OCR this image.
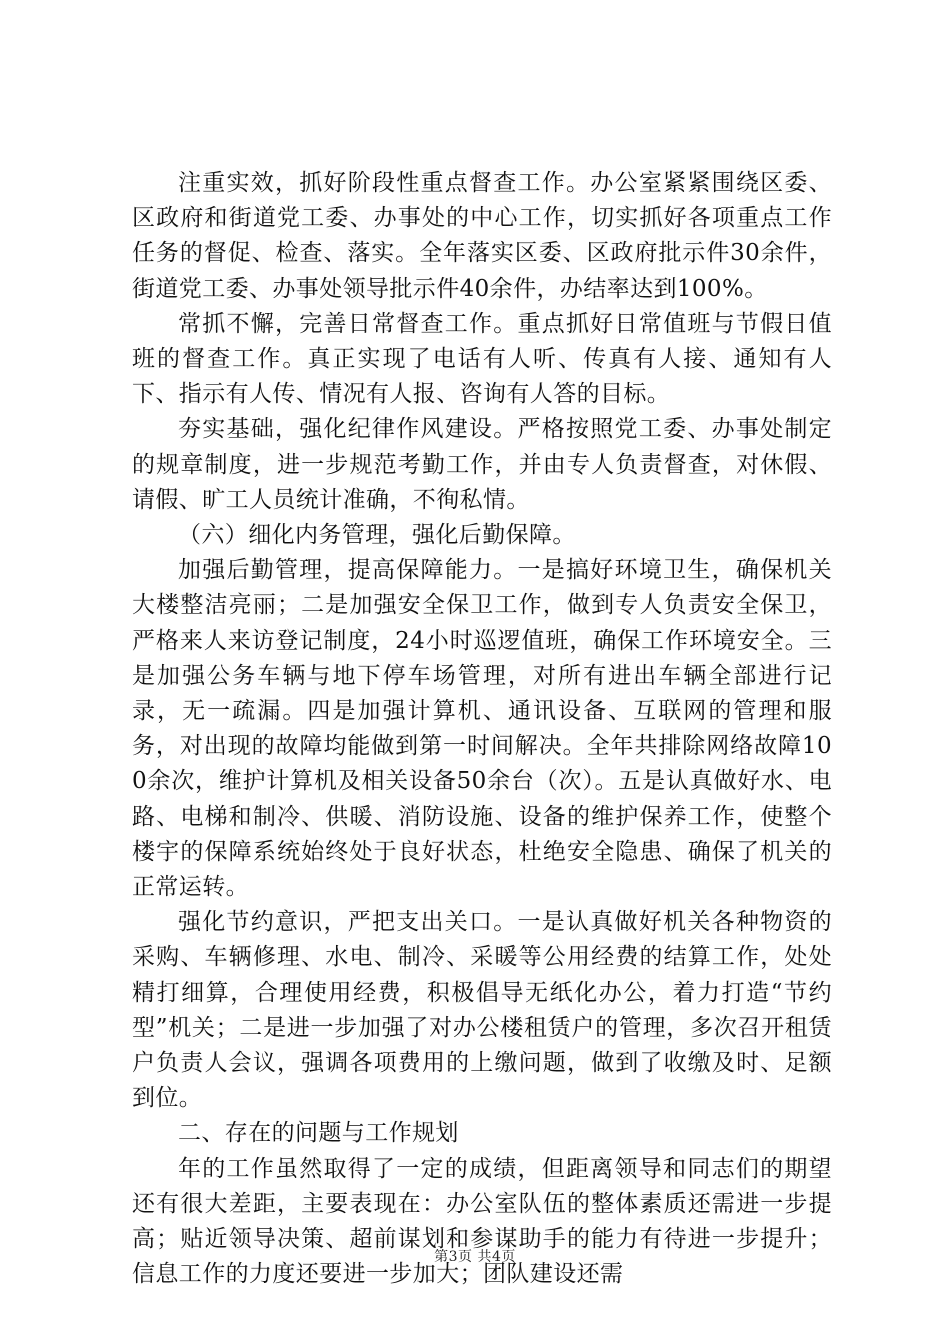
注重实效，抓好阶段性重点督查工作。办公室紧紧围绕区委、区政府和街道党工委、办事处的中心工作，切实抓好各项重点工作任务的督促、检查、落实。全年落实区委、区政府批示件30余件，街道党工委、办事处领导批示件40余件，办结率达到100%。

常抓不懈，完善日常督查工作。重点抓好日常值班与节假日值班的督查工作。真正实现了电话有人听、传真有人接、通知有人下、指示有人传、情况有人报、咨询有人答的目标。

夯实基础，强化纪律作风建设。严格按照党工委、办事处制定的规章制度，进一步规范考勤工作，并由专人负责督查，对休假、请假、旷工人员统计准确，不徇私情。

（六）细化内务管理，强化后勤保障。

加强后勤管理，提高保障能力。一是搞好环境卫生，确保机关大楼整洁亮丽；二是加强安全保卫工作，做到专人负责安全保卫，严格来人来访登记制度，24小时巡逻值班，确保工作环境安全。三是加强公务车辆与地下停车场管理，对所有进出车辆全部进行记录，无一疏漏。四是加强计算机、通讯设备、互联网的管理和服务，对出现的故障均能做到第一时间解决。全年共排除网络故障100余次，维护计算机及相关设备50余台（次）。五是认真做好水、电路、电梯和制冷、供暖、消防设施、设备的维护保养工作，使整个楼宇的保障系统始终处于良好状态，杜绝安全隐患、确保了机关的正常运转。

强化节约意识，严把支出关口。一是认真做好机关各种物资的采购、车辆修理、水电、制冷、采暖等公用经费的结算工作，处处精打细算，合理使用经费，积极倡导无纸化办公，着力打造“节约型”机关；二是进一步加强了对办公楼租赁户的管理，多次召开租赁户负责人会议，强调各项费用的上缴问题，做到了收缴及时、足额到位。

二、存在的问题与工作规划

年的工作虽然取得了一定的成绩，但距离领导和同志们的期望还有很大差距，主要表现在：办公室队伍的整体素质还需进一步提高；贴近领导决策、超前谋划和参谋助手的能力有待进一步提升；信息工作的力度还要进一步加大；团队建设还需

第3页 共4页
